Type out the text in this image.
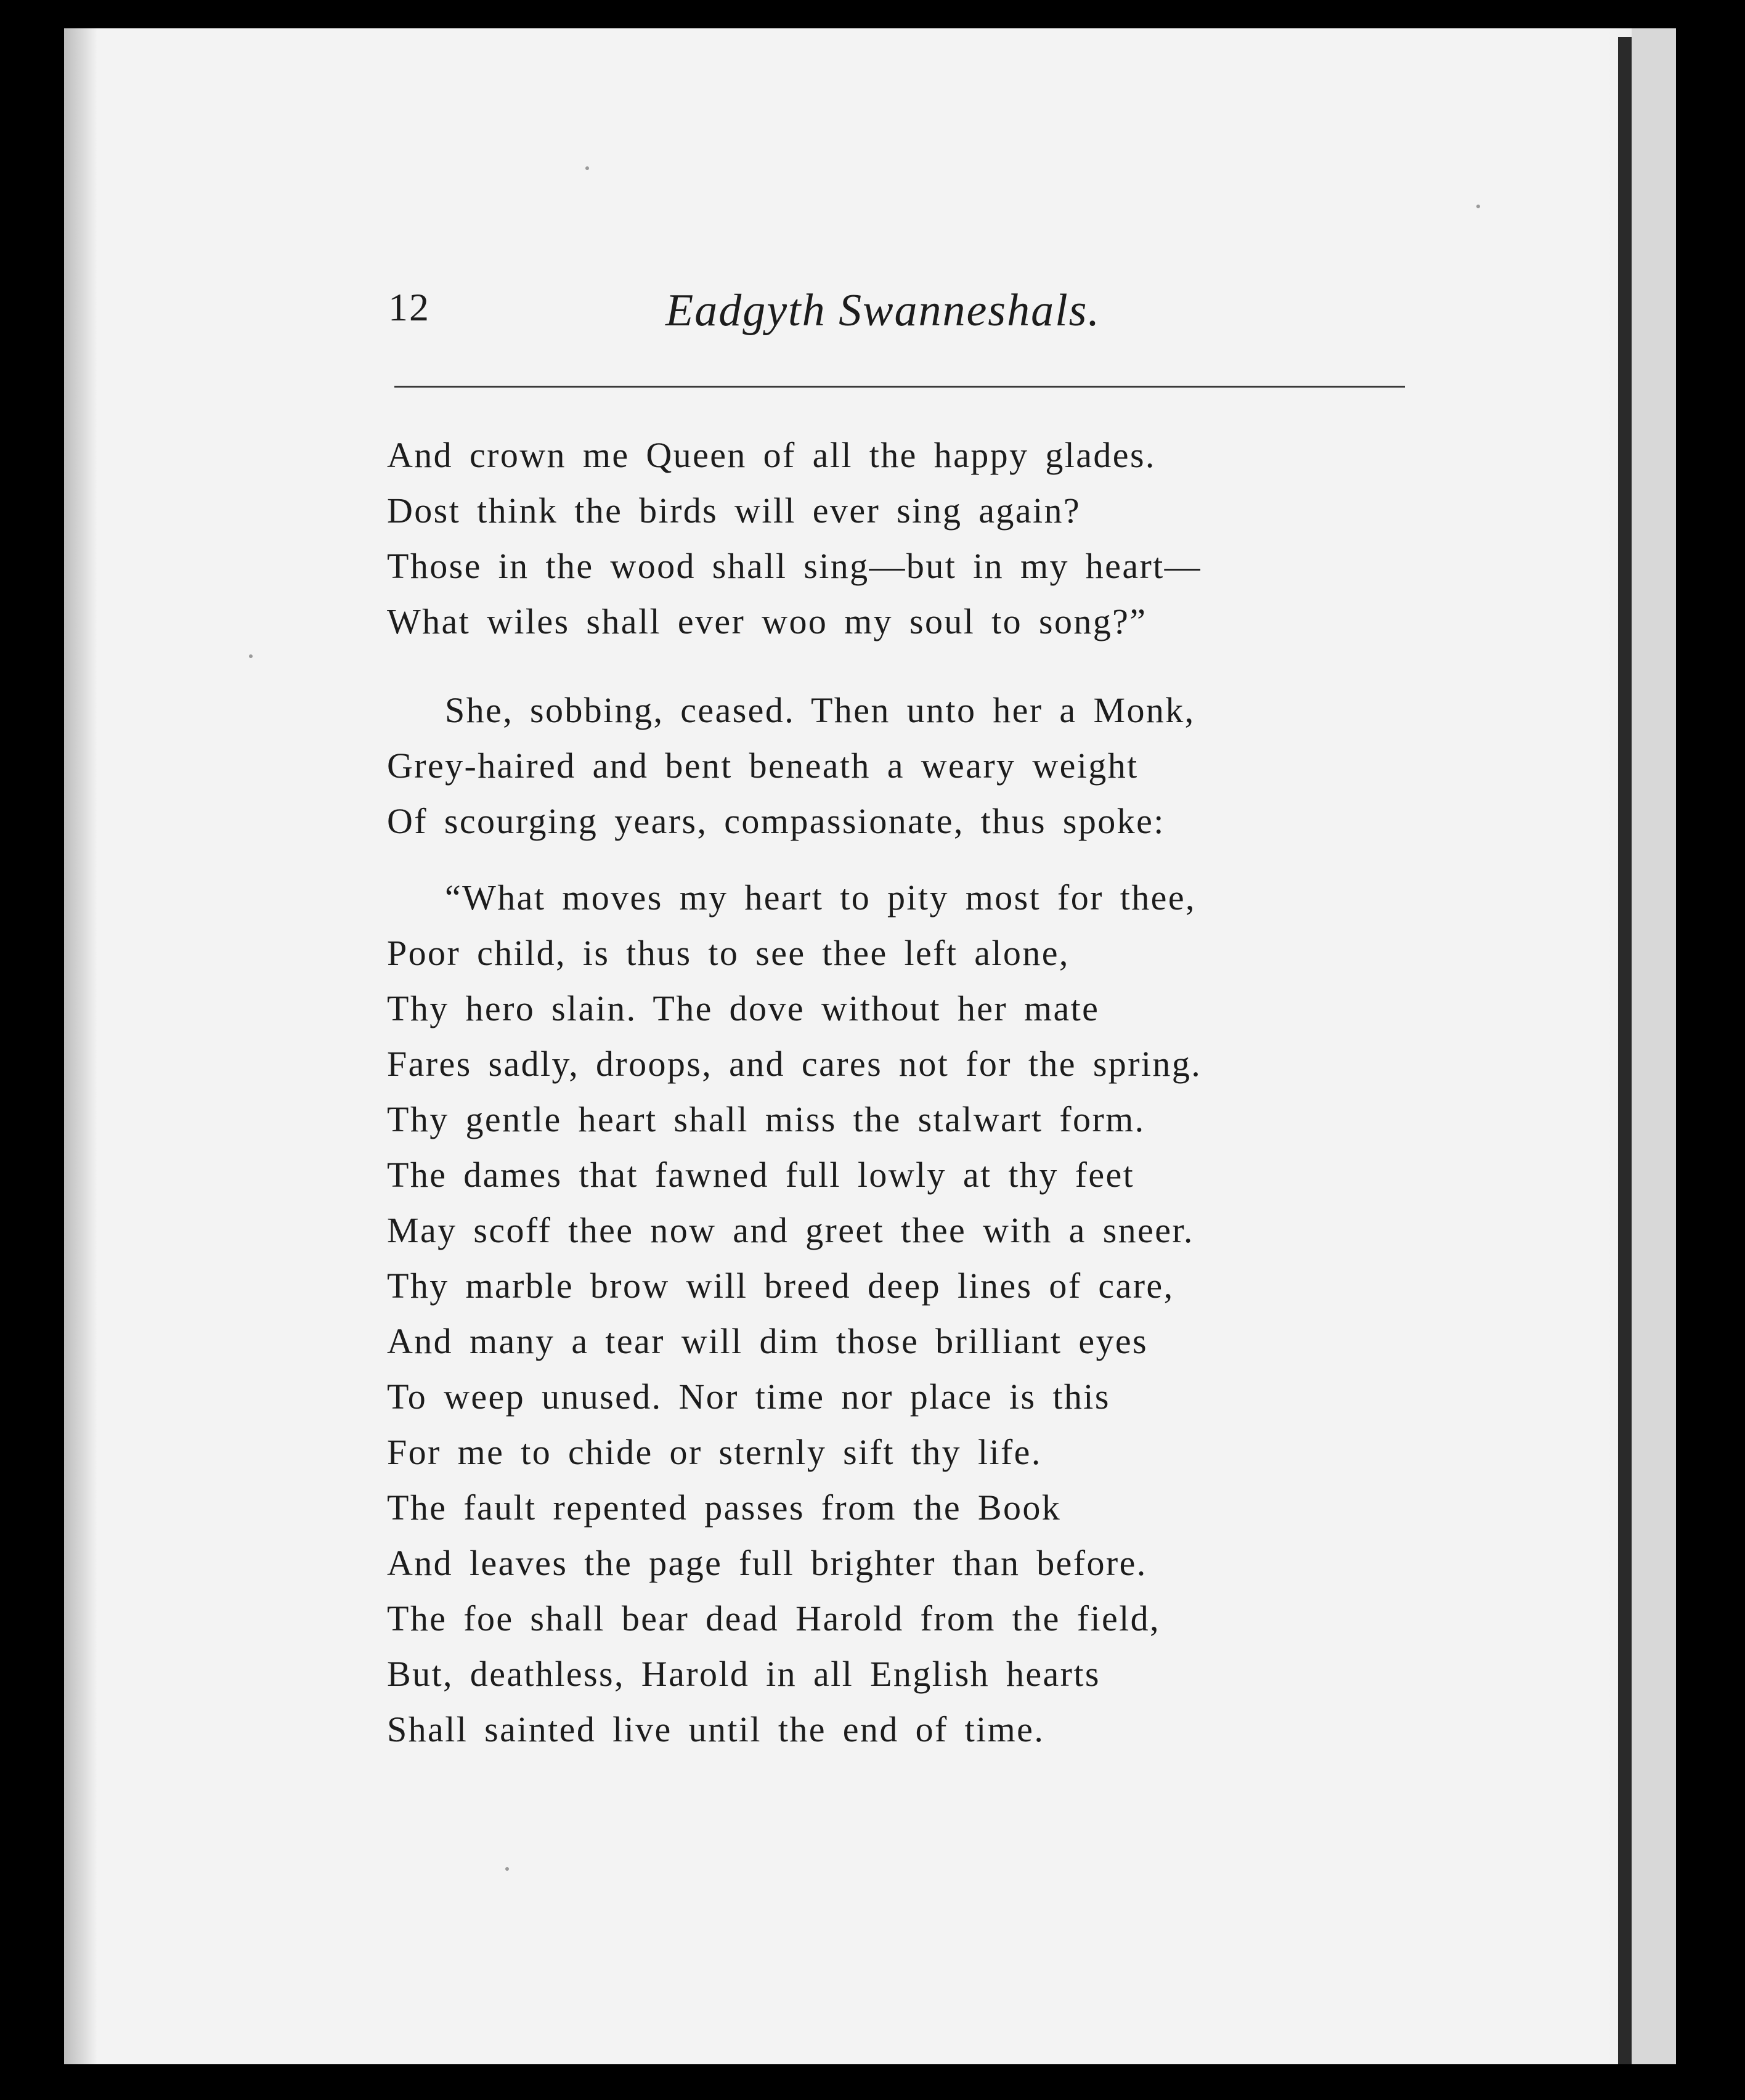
12	Eadgyth Swanneshals.
And crown me Queen of all the happy glades.
Dost think the birds will ever sing again?
Those in the wood shall sing—but in my heart—
What wiles shall ever woo my soul to song?”
She, sobbing, ceased. Then unto her a Monk,
Grey-haired and bent beneath a weary weight
Of scourging years, compassionate, thus spoke:
“What moves my heart to pity most for thee,
Poor child, is thus to see thee left alone,
Thy hero slain. The dove without her mate
Fares sadly, droops, and cares not for the spring.
Thy gentle heart shall miss the stalwart form.
The dames that fawned full lowly at thy feet
May scoff thee now and greet thee with a sneer.
Thy marble brow will breed deep lines of care,
And many a tear will dim those brilliant eyes
To weep unused. Nor time nor place is this
For me to chide or sternly sift thy life.
The fault repented passes from the Book
And leaves the page full brighter than before.
The foe shall bear dead Harold from the field,
But, deathless, Harold in all English hearts
Shall sainted live until the end of time.
